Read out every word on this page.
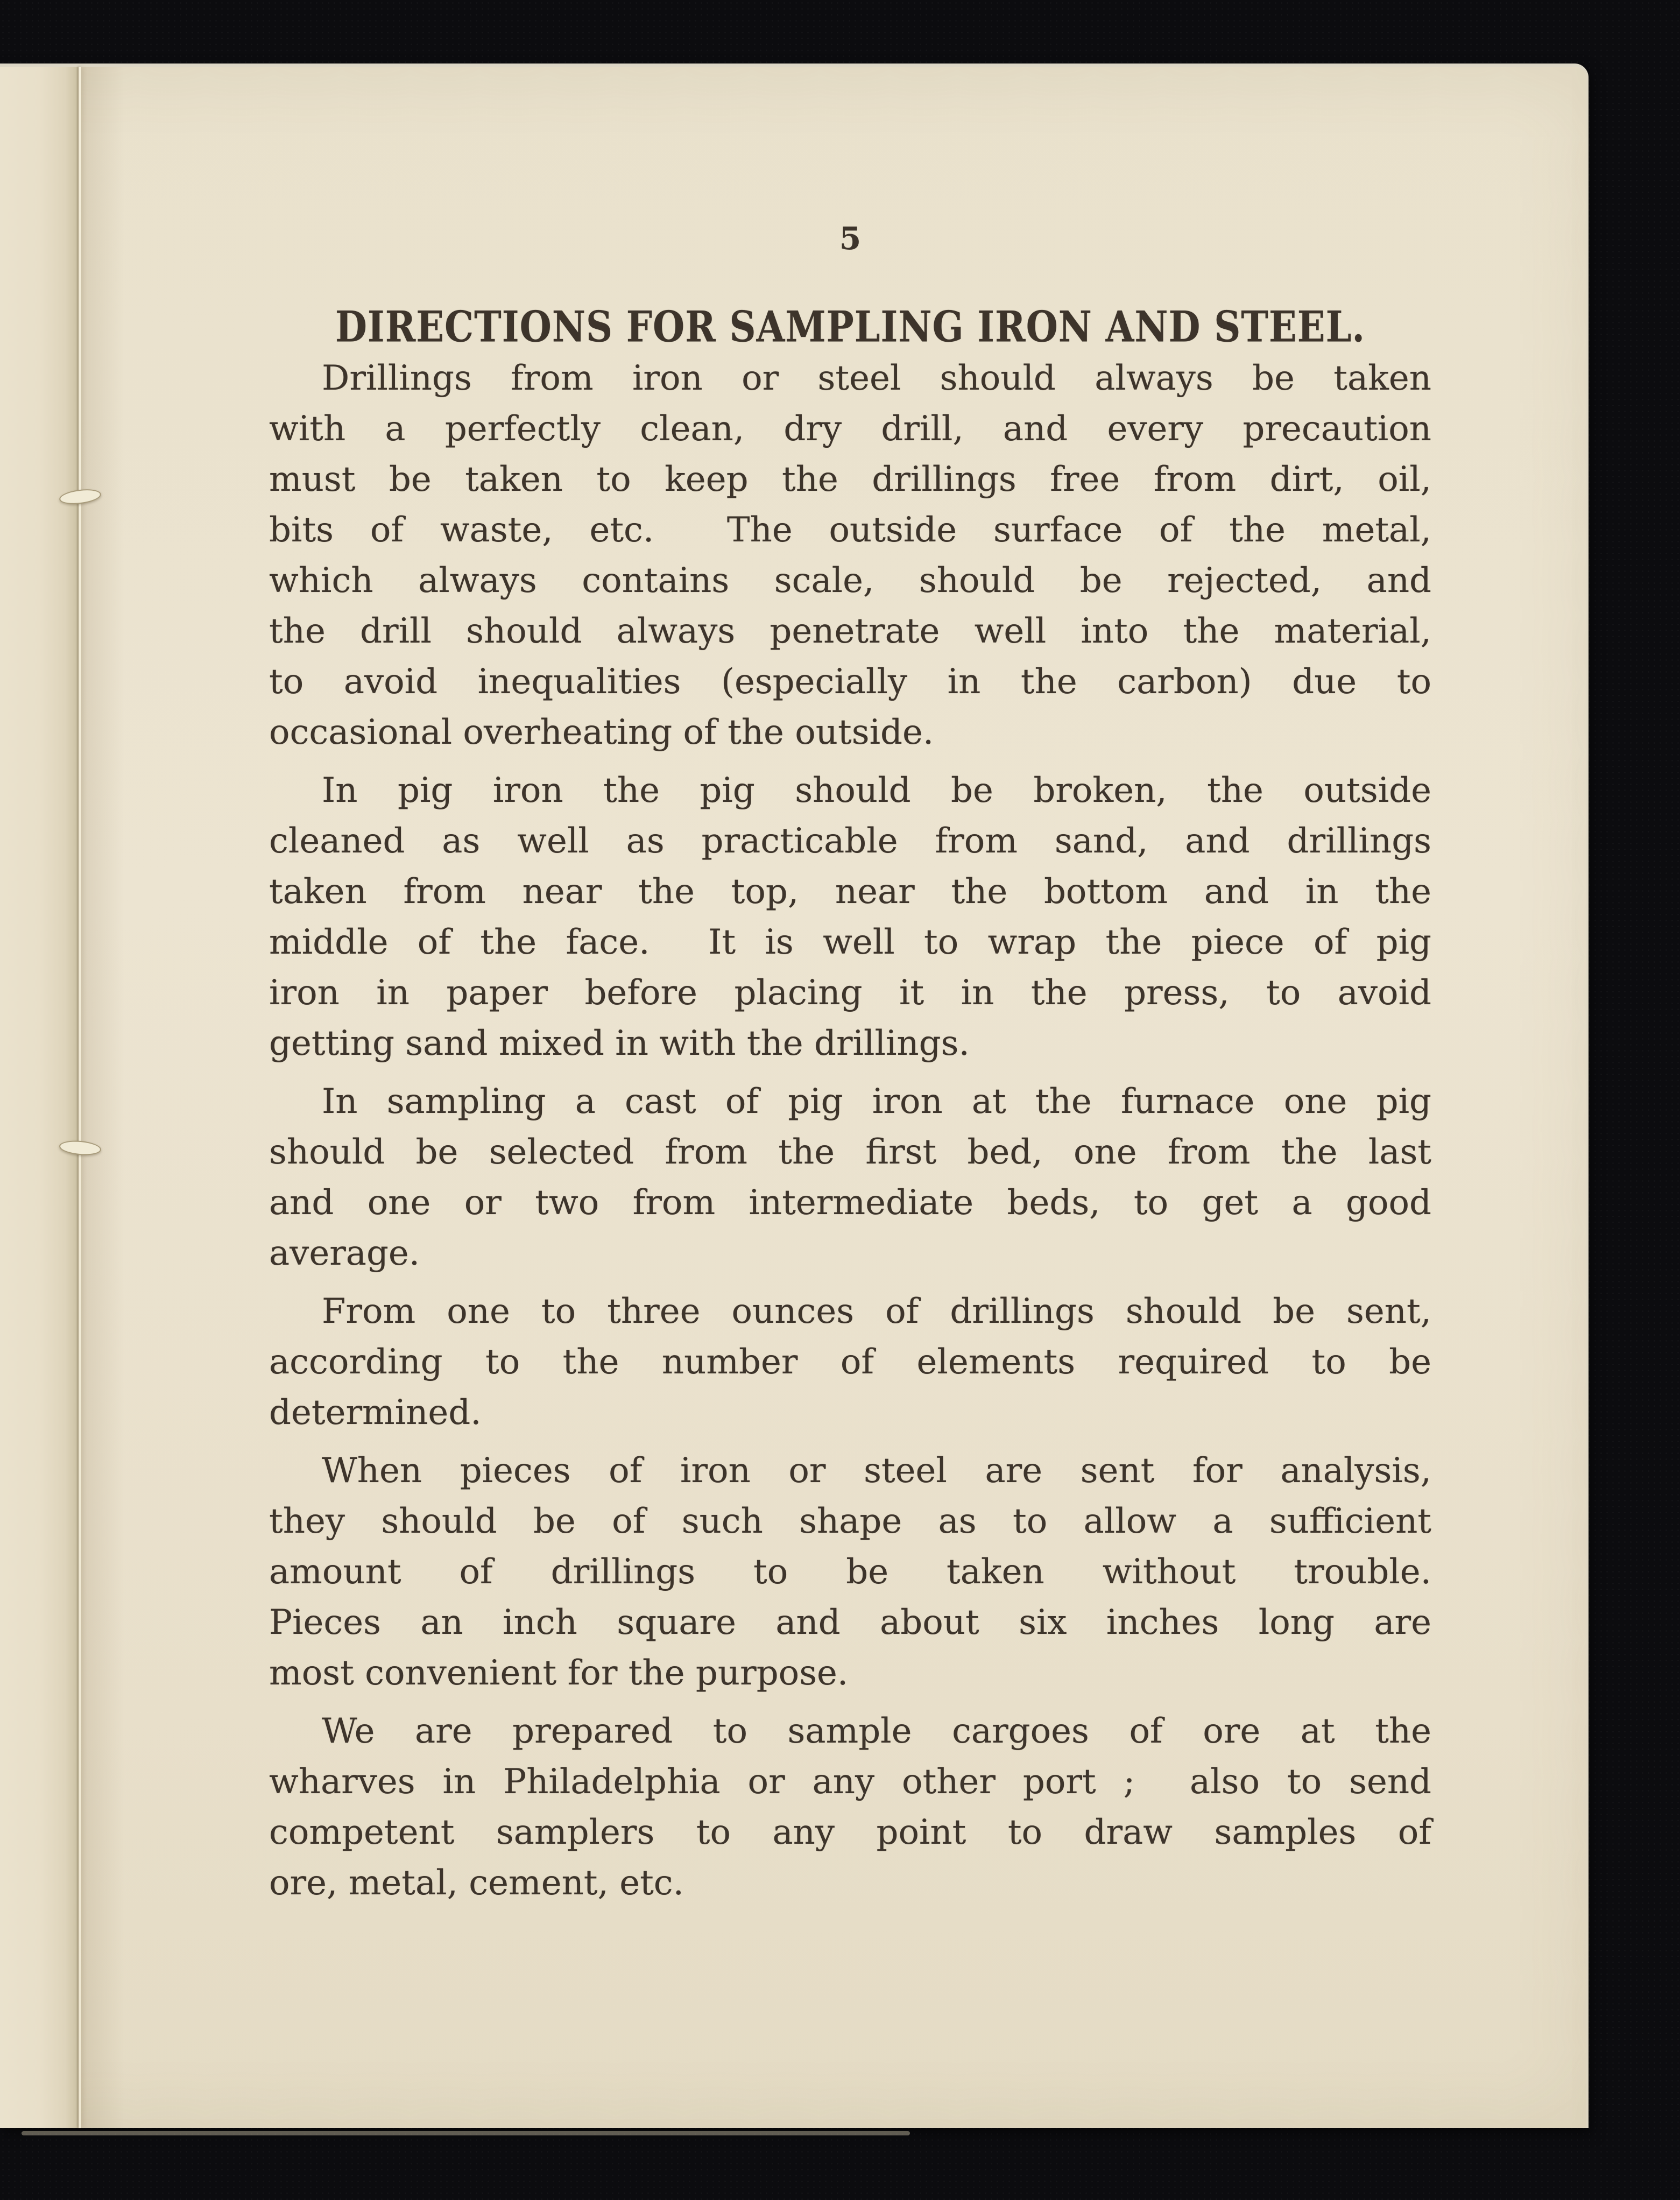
5
DIRECTIONS FOR SAMPLING IRON AND STEEL.
Drillings from iron or steel should always be taken
with a perfectly clean, dry drill, and every precaution
must be taken to keep the drillings free from dirt, oil,
bits of waste, etc.  The outside surface of the metal,
which always contains scale, should be rejected, and
the drill should always penetrate well into the material,
to avoid inequalities (especially in the carbon) due to
occasional overheating of the outside.
In pig iron the pig should be broken, the outside
cleaned as well as practicable from sand, and drillings
taken from near the top, near the bottom and in the
middle of the face.  It is well to wrap the piece of pig
iron in paper before placing it in the press, to avoid
getting sand mixed in with the drillings.
In sampling a cast of pig iron at the furnace one pig
should be selected from the first bed, one from the last
and one or two from intermediate beds, to get a good
average.
From one to three ounces of drillings should be sent,
according to the number of elements required to be
determined.
When pieces of iron or steel are sent for analysis,
they should be of such shape as to allow a sufficient
amount of drillings to be taken without trouble.
Pieces an inch square and about six inches long are
most convenient for the purpose.
We are prepared to sample cargoes of ore at the
wharves in Philadelphia or any other port ;  also to send
competent samplers to any point to draw samples of
ore, metal, cement, etc.
